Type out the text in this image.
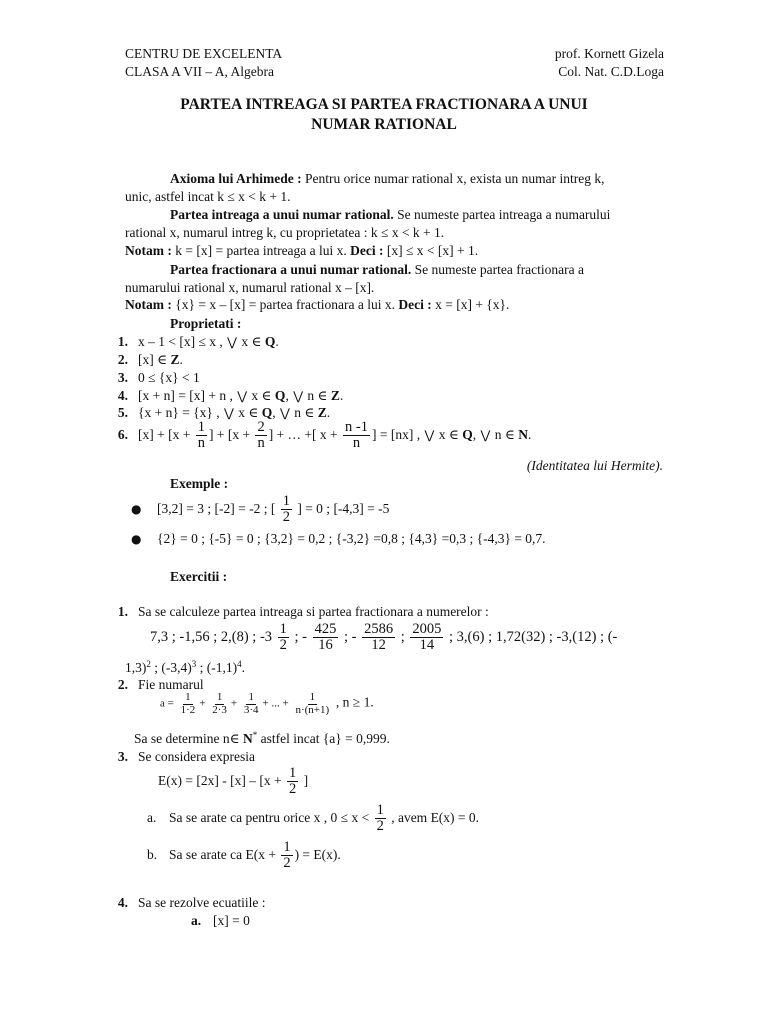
CENTRU DE EXCELENTA
CLASA A VII – A, Algebra
prof. Kornett Gizela
Col. Nat. C.D.Loga
PARTEA INTREAGA SI PARTEA FRACTIONARA A UNUI
NUMAR RATIONAL
Axioma lui Arhimede : Pentru orice numar rational x, exista un numar intreg k,
unic, astfel incat k ≤ x < k + 1.
Partea intreaga a unui numar rational. Se numeste partea intreaga a numarului
rational x, numarul intreg k, cu proprietatea : k ≤ x < k + 1.
Notam : k = [x] = partea intreaga a lui x. Deci : [x] ≤ x < [x] + 1.
Partea fractionara a unui numar rational. Se numeste partea fractionara a
numarului rational x, numarul rational x – [x].
Notam : {x} = x – [x] = partea fractionara a lui x. Deci : x = [x] + {x}.
Proprietati :
1. x – 1 < [x] ≤ x , ⋁ x ∈ Q.
2. [x] ∈ Z.
3. 0 ≤ {x} < 1
4. [x + n] = [x] + n , ⋁ x ∈ Q, ⋁ n ∈ Z.
5. {x + n} = {x} , ⋁ x ∈ Q, ⋁ n ∈ Z.
6. $[x] + [x + \frac{1}{n}$ ] + [$x + \frac{2}{n}$ ] + … +[ $x + \frac{n -1}{n}$ ] = [nx] , ⋁ x ∈ Q, ⋁ n ∈ N.
(Identitatea lui Hermite).
Exemple :
● [3,2] = 3 ; [-2] = -2 ; [ $\frac{1}{2}$ ] = 0 ; [-4,3] = -5
● {2} = 0 ; {-5} = 0 ; {3,2} = 0,2 ; {-3,2} =0,8 ; {4,3} =0,3 ; {-4,3} = 0,7.
Exercitii :
1. Sa se calculeze partea intreaga si partea fractionara a numerelor :
7,3 ; -1,56 ; 2,(8) ; $-3 \frac{1}{2}$ ; - $\frac{425}{16}$ ; - $\frac{2586}{12}$ ; $\frac{2005}{14}$ ; 3,(6) ; 1,72(32) ; -3,(12) ; (-
1,3)$^2$ ; $(-3,4)^3$ ; $(-1,1)^4$.
2. Fie numarul
$a = \frac{1}{1\cdot 2} + \frac{1}{2\cdot 3} + \frac{1}{3\cdot 4}$ + ... + $\frac{1}{n\cdot(n+1)}$ , n ≥ 1.
Sa se determine n∈ N* astfel incat {a} = 0,999.
3. Se considera expresia
$E(x) = [2x] - [x] - [x + \frac{1}{2}$ ]
a. Sa se arate ca pentru orice x , $0 \le x < \frac{1}{2}$ , avem E(x) = 0.
b. Sa se arate ca $E(x + \frac{1}{2}$ ) = E(x).
4. Sa se rezolve ecuatiile :
a. [x] = 0
